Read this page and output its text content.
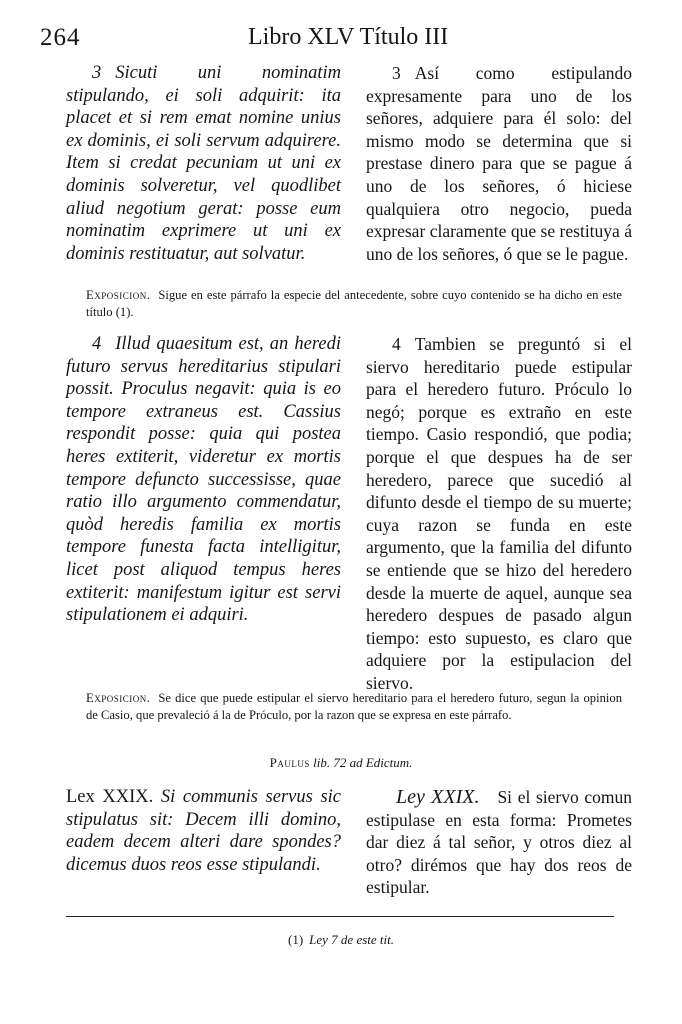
264	Libro XLV Título III
3 Sicuti uni nominatim stipulando, ei soli adquirit: ita placet et si rem emat nomine unius ex dominis, ei soli servum adquirere. Item si credat pecuniam ut uni ex dominis solveretur, vel quodlibet aliud negotium gerat: posse eum nominatim exprimere ut uni ex dominis restituatur, aut solvatur.
3 Así como estipulando expresamente para uno de los señores, adquiere para él solo: del mismo modo se determina que si prestase dinero para que se pague á uno de los señores, ó hiciese qualquiera otro negocio, pueda expresar claramente que se restituya á uno de los señores, ó que se le pague.
Exposicion. Sigue en este párrafo la especie del antecedente, sobre cuyo contenido se ha dicho en este título (1).
4 Illud quaesitum est, an heredi futuro servus hereditarius stipulari possit. Proculus negavit: quia is eo tempore extraneus est. Cassius respondit posse: quia qui postea heres extiterit, videretur ex mortis tempore defuncto successisse, quae ratio illo argumento commendatur, quòd heredis familia ex mortis tempore funesta facta intelligitur, licet post aliquod tempus heres extiterit: manifestum igitur est servi stipulationem ei adquiri.
4 Tambien se preguntó si el siervo hereditario puede estipular para el heredero futuro. Próculo lo negó; porque es extraño en este tiempo. Casio respondió, que podia; porque el que despues ha de ser heredero, parece que sucedió al difunto desde el tiempo de su muerte; cuya razon se funda en este argumento, que la familia del difunto se entiende que se hizo del heredero desde la muerte de aquel, aunque sea heredero despues de pasado algun tiempo: esto supuesto, es claro que adquiere por la estipulacion del siervo.
Exposicion. Se dice que puede estipular el siervo hereditario para el heredero futuro, segun la opinion de Casio, que prevaleció á la de Próculo, por la razon que se expresa en este párrafo.
Paulus lib. 72 ad Edictum.
Lex XXIX. Si communis servus sic stipulatus sit: Decem illi domino, eadem decem alteri dare spondes? dicemus duos reos esse stipulandi.
Ley XXIX. Si el siervo comun estipulase en esta forma: Prometes dar diez á tal señor, y otros diez al otro? dirémos que hay dos reos de estipular.
(1) Ley 7 de este tit.
